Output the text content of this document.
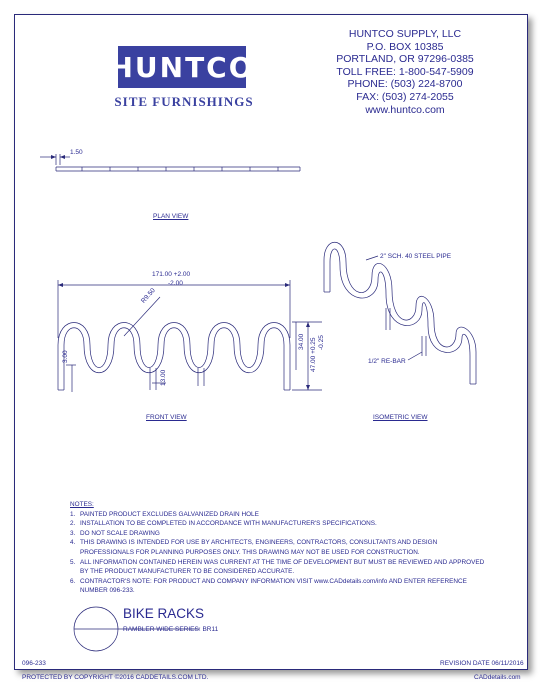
HUNTCO
SITE FURNISHINGS
HUNTCO SUPPLY, LLC
P.O. BOX 10385
PORTLAND, OR 97296-0385
TOLL FREE: 1-800-547-5909
PHONE: (503) 224-8700
FAX: (503) 274-2055
www.huntco.com
1.50
PLAN VIEW
171.00 +2.00
-2.00
R9.50
34.00 47.00 +0.25 -0.25
3.00
13.00
FRONT VIEW
2" SCH. 40 STEEL PIPE
1/2" RE-BAR
ISOMETRIC VIEW
NOTES:
1. PAINTED PRODUCT EXCLUDES GALVANIZED DRAIN HOLE
2. INSTALLATION TO BE COMPLETED IN ACCORDANCE WITH MANUFACTURER'S SPECIFICATIONS.
3. DO NOT SCALE DRAWING
4. THIS DRAWING IS INTENDED FOR USE BY ARCHITECTS, ENGINEERS, CONTRACTORS, CONSULTANTS AND DESIGN PROFESSIONALS FOR PLANNING PURPOSES ONLY. THIS DRAWING MAY NOT BE USED FOR CONSTRUCTION.
5. ALL INFORMATION CONTAINED HEREIN WAS CURRENT AT THE TIME OF DEVELOPMENT BUT MUST BE REVIEWED AND APPROVED BY THE PRODUCT MANUFACTURER TO BE CONSIDERED ACCURATE.
6. CONTRACTOR'S NOTE: FOR PRODUCT AND COMPANY INFORMATION VISIT www.CADdetails.com/info AND ENTER REFERENCE NUMBER 096-233.
BIKE RACKS
RAMBLER WIDE SERIES: BR11
096-233	REVISION DATE 06/11/2016
PROTECTED BY COPYRIGHT ©2016 CADDETAILS.COM LTD.	CADdetails.com
